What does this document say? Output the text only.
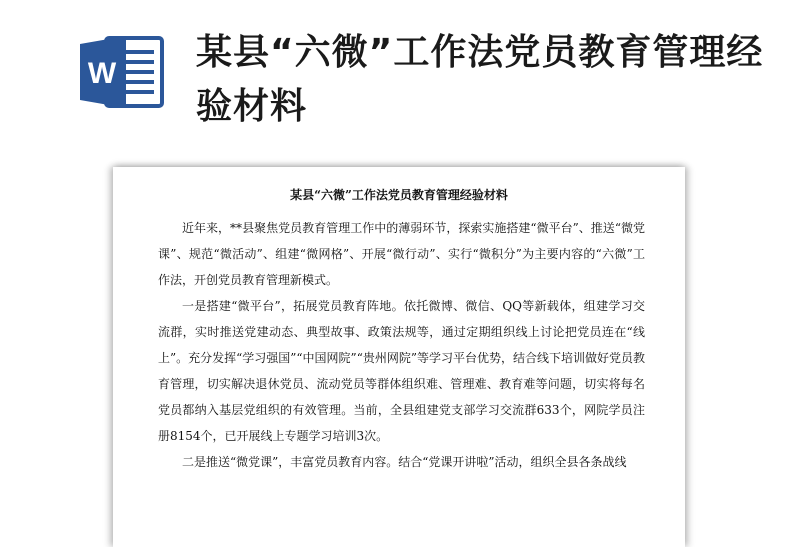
W
某县“六微”工作法党员教育管理经验材料
某县“六微”工作法党员教育管理经验材料

近年来，**县聚焦党员教育管理工作中的薄弱环节，探索实施搭建“微平台”、推送“微党课”、规范“微活动”、组建“微网格”、开展“微行动”、实行“微积分”为主要内容的“六微”工作法，开创党员教育管理新模式。

一是搭建“微平台”，拓展党员教育阵地。依托微博、微信、QQ等新载体，组建学习交流群，实时推送党建动态、典型故事、政策法规等，通过定期组织线上讨论把党员连在“线上”。充分发挥“学习强国”“中国网院”“贵州网院”等学习平台优势，结合线下培训做好党员教育管理，切实解决退休党员、流动党员等群体组织难、管理难、教育难等问题，切实将每名党员都纳入基层党组织的有效管理。当前，全县组建党支部学习交流群633个，网院学员注册8154个，已开展线上专题学习培训3次。

二是推送“微党课”，丰富党员教育内容。结合“党课开讲啦”活动，组织全县各条战线
